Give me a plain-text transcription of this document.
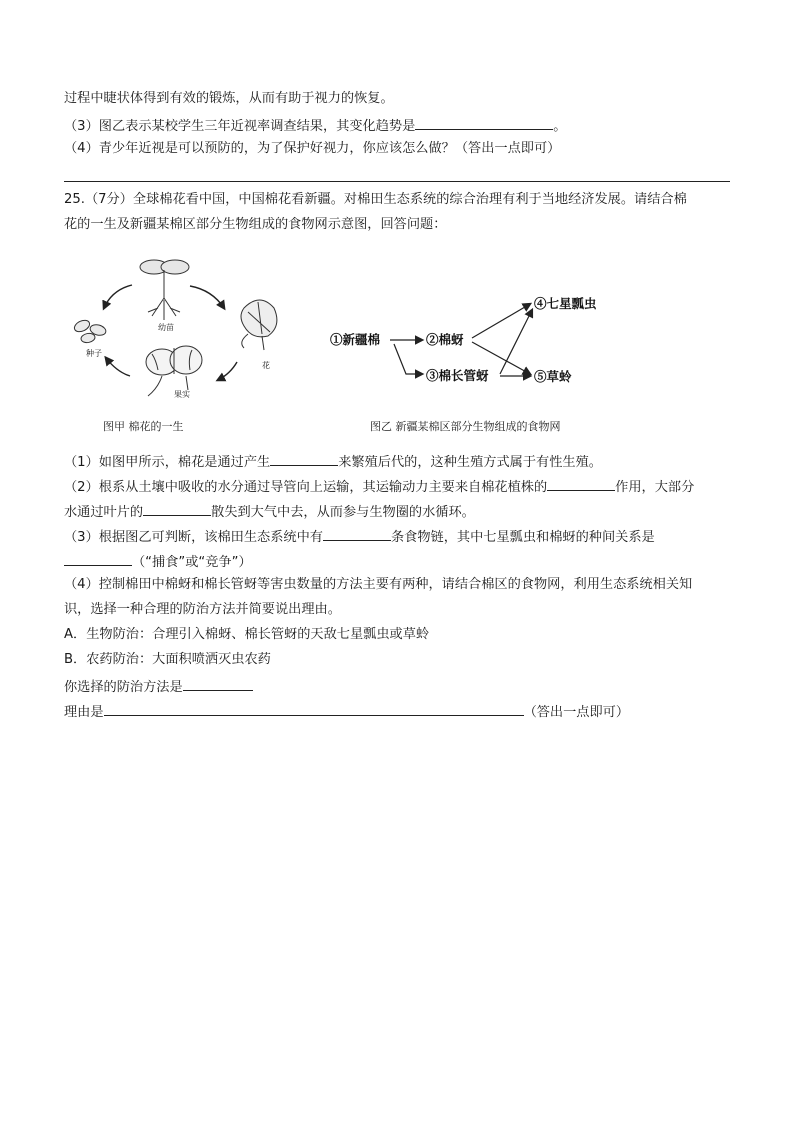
过程中睫状体得到有效的锻炼，从而有助于视力的恢复。
（3）图乙表示某校学生三年近视率调查结果，其变化趋势是	。
（4）青少年近视是可以预防的，为了保护好视力，你应该怎么做？（答出一点即可）
25.（7分）全球棉花看中国，中国棉花看新疆。对棉田生态系统的综合治理有利于当地经济发展。请结合棉
花的一生及新疆某棉区部分生物组成的食物网示意图，回答问题：
幼苗
花
果实
种子
图甲 棉花的一生
①新疆棉	②棉蚜
③棉长管蚜
④七星瓢虫
⑤草蛉
图乙 新疆某棉区部分生物组成的食物网
（1）如图甲所示，棉花是通过产生	来繁殖后代的，这种生殖方式属于有性生殖。
（2）根系从土壤中吸收的水分通过导管向上运输，其运输动力主要来自棉花植株的	作用，大部分
水通过叶片的	散失到大气中去，从而参与生物圈的水循环。
（3）根据图乙可判断，该棉田生态系统中有	条食物链，其中七星瓢虫和棉蚜的种间关系是
（“捕食”或“竞争”）
（4）控制棉田中棉蚜和棉长管蚜等害虫数量的方法主要有两种，请结合棉区的食物网，利用生态系统相关知
识，选择一种合理的防治方法并简要说出理由。
A．生物防治：合理引入棉蚜、棉长管蚜的天敌七星瓢虫或草蛉
B．农药防治：大面积喷洒灭虫农药
你选择的防治方法是
理由是	（答出一点即可）
